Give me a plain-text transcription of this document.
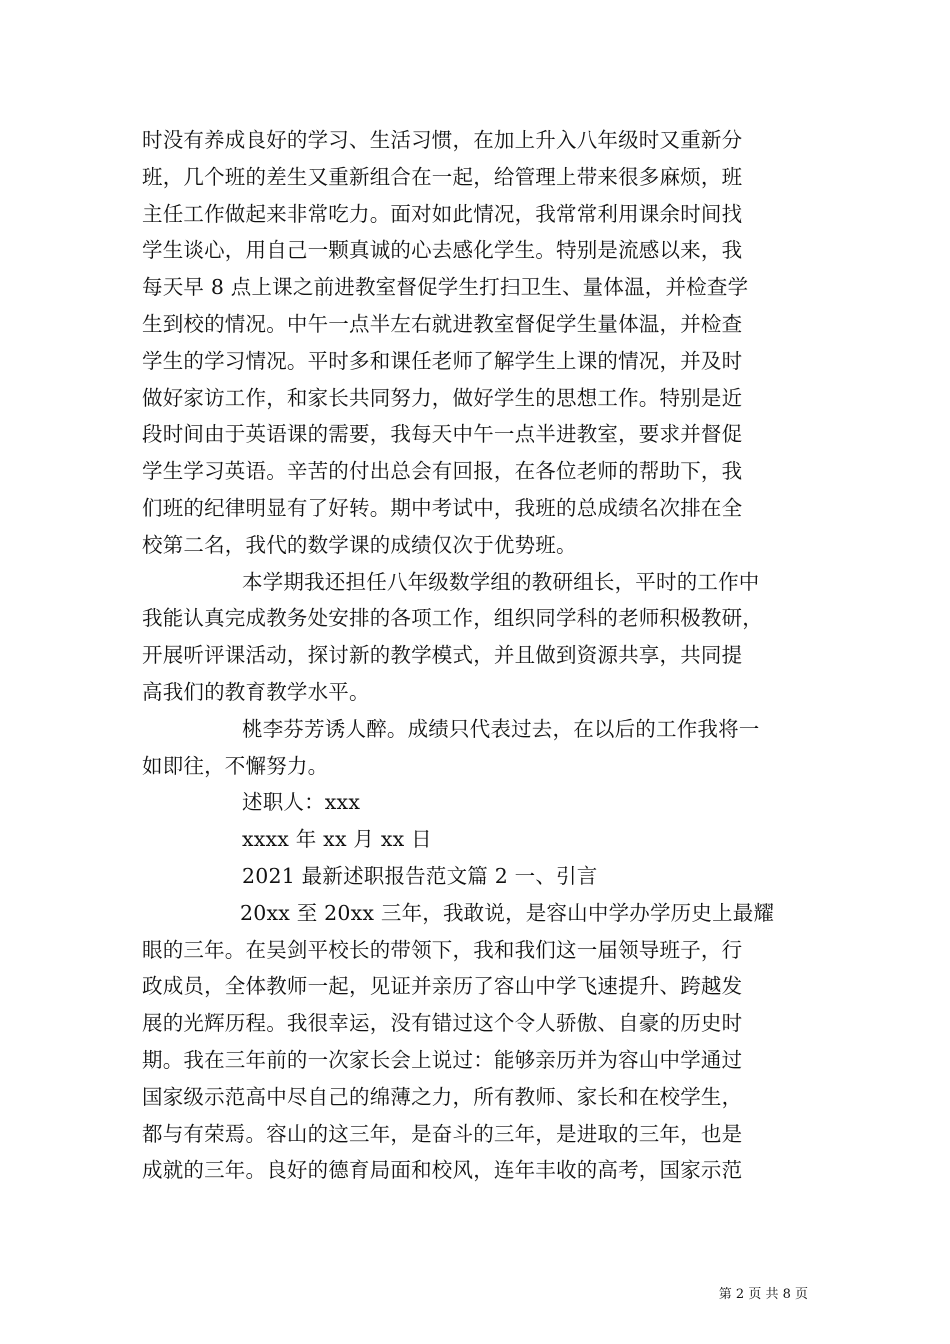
时没有养成良好的学习、生活习惯，在加上升入八年级时又重新分
班，几个班的差生又重新组合在一起，给管理上带来很多麻烦，班
主任工作做起来非常吃力。面对如此情况，我常常利用课余时间找
学生谈心，用自己一颗真诚的心去感化学生。特别是流感以来，我
每天早 8 点上课之前进教室督促学生打扫卫生、量体温，并检查学
生到校的情况。中午一点半左右就进教室督促学生量体温，并检查
学生的学习情况。平时多和课任老师了解学生上课的情况，并及时
做好家访工作，和家长共同努力，做好学生的思想工作。特别是近
段时间由于英语课的需要，我每天中午一点半进教室，要求并督促
学生学习英语。辛苦的付出总会有回报，在各位老师的帮助下，我
们班的纪律明显有了好转。期中考试中，我班的总成绩名次排在全
校第二名，我代的数学课的成绩仅次于优势班。
本学期我还担任八年级数学组的教研组长，平时的工作中
我能认真完成教务处安排的各项工作，组织同学科的老师积极教研，
开展听评课活动，探讨新的教学模式，并且做到资源共享，共同提
高我们的教育教学水平。
桃李芬芳诱人醉。成绩只代表过去，在以后的工作我将一
如即往，不懈努力。
述职人：xxx
xxxx 年 xx 月 xx 日
2021 最新述职报告范文篇 2 一、引言
20xx 至 20xx 三年，我敢说，是容山中学办学历史上最耀
眼的三年。在吴剑平校长的带领下，我和我们这一届领导班子，行
政成员，全体教师一起，见证并亲历了容山中学飞速提升、跨越发
展的光辉历程。我很幸运，没有错过这个令人骄傲、自豪的历史时
期。我在三年前的一次家长会上说过：能够亲历并为容山中学通过
国家级示范高中尽自己的绵薄之力，所有教师、家长和在校学生，
都与有荣焉。容山的这三年，是奋斗的三年，是进取的三年，也是
成就的三年。良好的德育局面和校风，连年丰收的高考，国家示范
第 2 页 共 8 页
